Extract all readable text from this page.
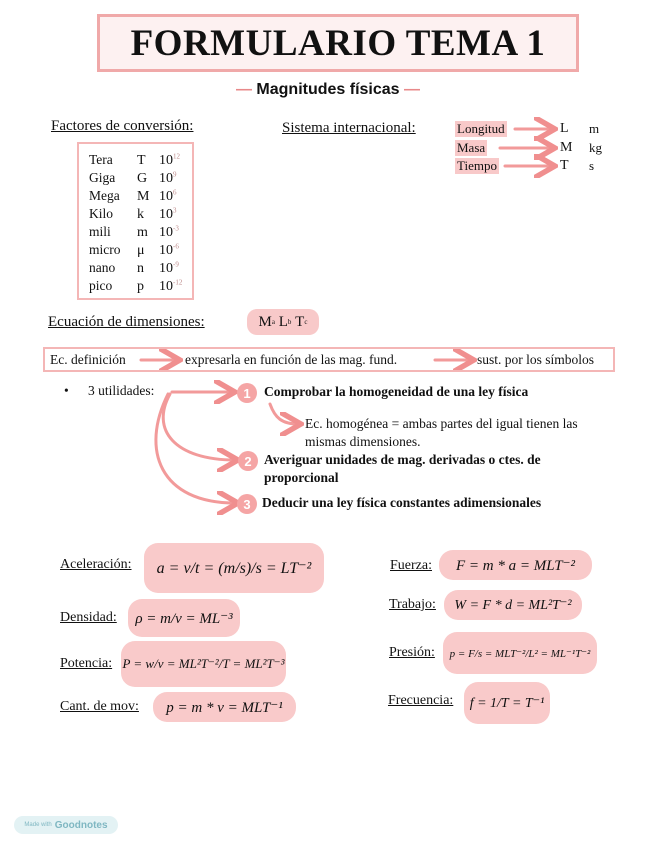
FORMULARIO TEMA 1
— Magnitudes físicas —
Factores de conversión:
Tera T $10^{12}$
Giga G $10^9$
Mega M $10^6$
Kilo k $10^3$
mili m $10^{-3}$
micro μ $10^{-6}$
nano n $10^{-9}$
pico p $10^{-12}$
Sistema internacional:	Longitud	L m
Masa	M kg
Tiempo	T s
Ecuación de dimensiones:	M a
L b
T c
Ec. definición	expresarla en función de las mag. fund.	sust. por los símbolos
• 3 utilidades:	1 Comprobar la homogeneidad de una ley física
Ec. homogénea = ambas partes del igual tienen las
mismas dimensiones.
2 Averiguar unidades de mag. derivadas o ctes. de
proporcional
3 Deducir una ley física constantes adimensionales
Aceleración:	a = v/t = (m/s)/s = LT⁻²
Densidad:	ρ = m/v = ML⁻³
Potencia: P = w/v = ML²T⁻²/T = ML²T⁻³
Cant. de mov:	p = m * v = MLT⁻¹
Fuerza:	F = m * a = MLT⁻²
Trabajo:	W = F * d = ML²T⁻²
Presión:	p = F/s = MLT⁻²/L² = ML⁻¹T⁻²
Frecuencia:	f = 1/T = T⁻¹
Made with Goodnotes
